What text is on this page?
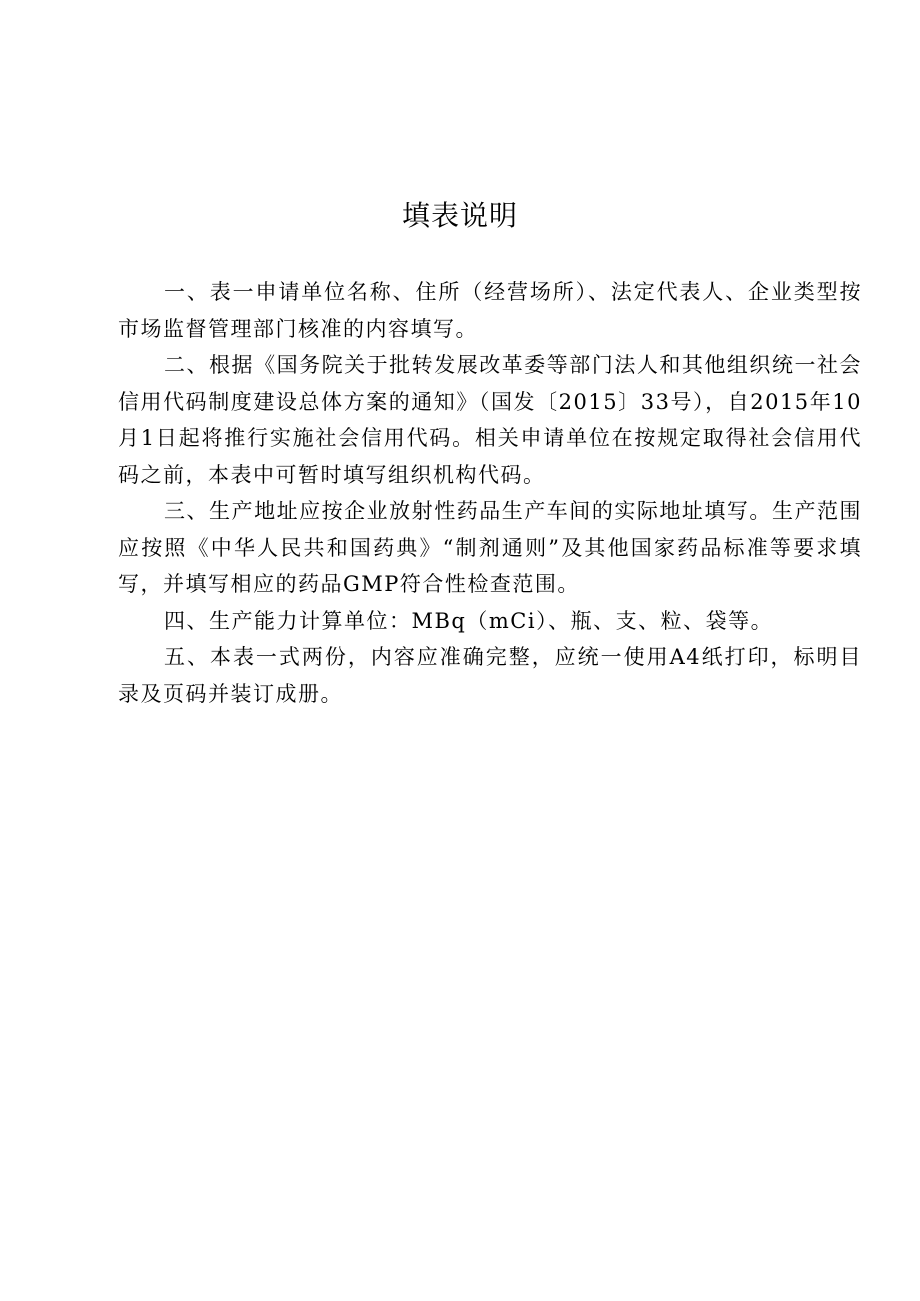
填表说明

一、表一申请单位名称、住所（经营场所）、法定代表人、企业类型按市场监督管理部门核准的内容填写。

二、根据《国务院关于批转发展改革委等部门法人和其他组织统一社会信用代码制度建设总体方案的通知》（国发〔2015〕33号），自2015年10月1日起将推行实施社会信用代码。相关申请单位在按规定取得社会信用代码之前，本表中可暂时填写组织机构代码。

三、生产地址应按企业放射性药品生产车间的实际地址填写。生产范围应按照《中华人民共和国药典》“制剂通则”及其他国家药品标准等要求填写，并填写相应的药品GMP符合性检查范围。

四、生产能力计算单位：MBq（mCi）、瓶、支、粒、袋等。

五、本表一式两份，内容应准确完整，应统一使用A4纸打印，标明目录及页码并装订成册。
